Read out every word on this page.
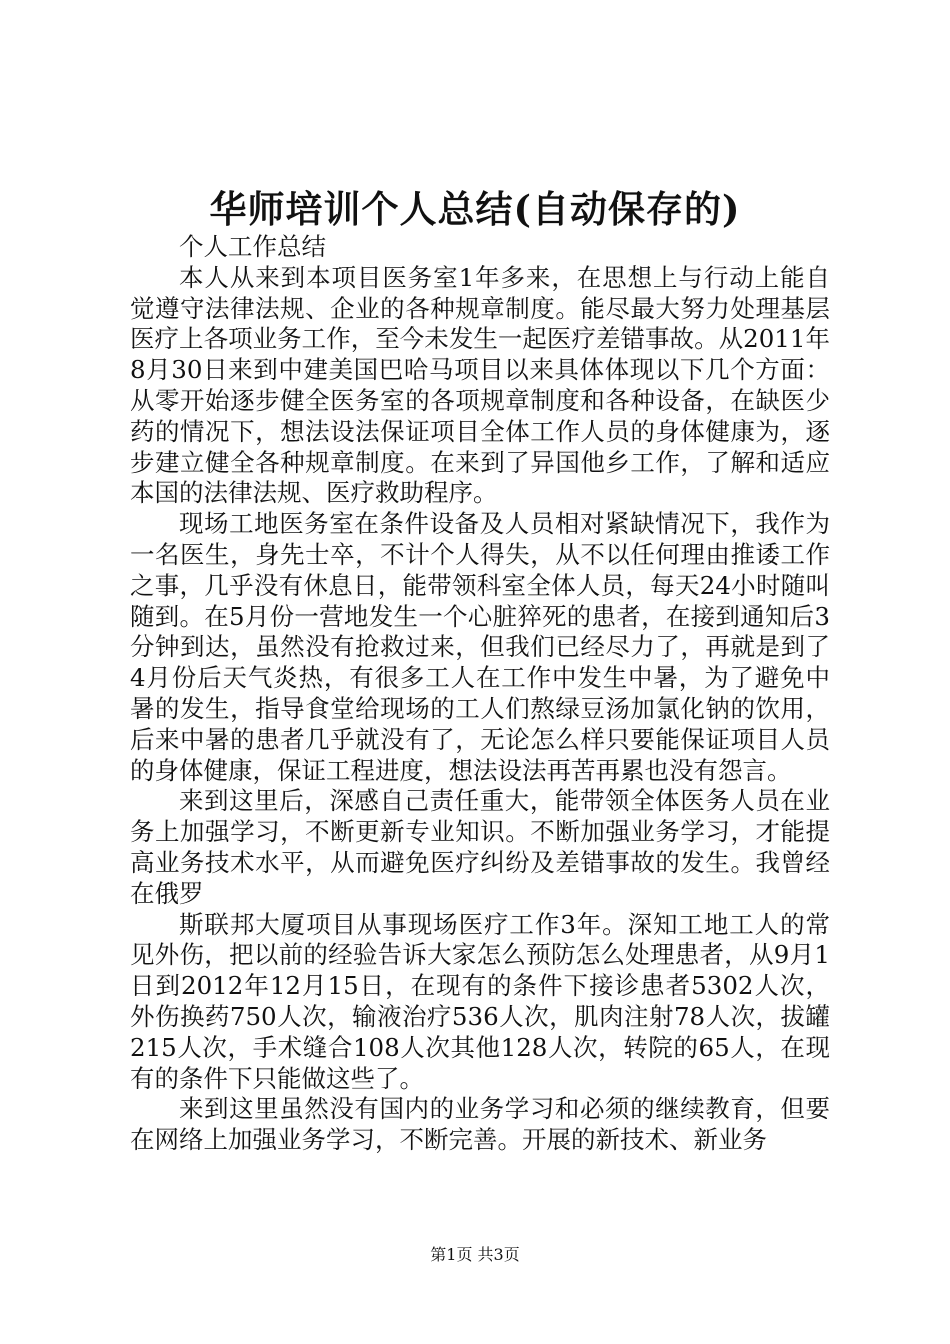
华师培训个人总结(自动保存的)

个人工作总结

本人从来到本项目医务室1年多来，在思想上与行动上能自觉遵守法律法规、企业的各种规章制度。能尽最大努力处理基层医疗上各项业务工作，至今未发生一起医疗差错事故。从2011年8月30日来到中建美国巴哈马项目以来具体体现以下几个方面：从零开始逐步健全医务室的各项规章制度和各种设备，在缺医少药的情况下，想法设法保证项目全体工作人员的身体健康为，逐步建立健全各种规章制度。在来到了异国他乡工作，了解和适应本国的法律法规、医疗救助程序。

现场工地医务室在条件设备及人员相对紧缺情况下，我作为一名医生，身先士卒，不计个人得失，从不以任何理由推诿工作之事，几乎没有休息日，能带领科室全体人员，每天24小时随叫随到。在5月份一营地发生一个心脏猝死的患者，在接到通知后3分钟到达，虽然没有抢救过来，但我们已经尽力了，再就是到了4月份后天气炎热，有很多工人在工作中发生中暑，为了避免中暑的发生，指导食堂给现场的工人们熬绿豆汤加氯化钠的饮用，后来中暑的患者几乎就没有了，无论怎么样只要能保证项目人员的身体健康，保证工程进度，想法设法再苦再累也没有怨言。

来到这里后，深感自己责任重大，能带领全体医务人员在业务上加强学习，不断更新专业知识。不断加强业务学习，才能提高业务技术水平，从而避免医疗纠纷及差错事故的发生。我曾经在俄罗

斯联邦大厦项目从事现场医疗工作3年。深知工地工人的常见外伤，把以前的经验告诉大家怎么预防怎么处理患者，从9月1日到2012年12月15日，在现有的条件下接诊患者5302人次，外伤换药750人次，输液治疗536人次，肌肉注射78人次，拔罐215人次，手术缝合108人次其他128人次，转院的65人，在现有的条件下只能做这些了。

来到这里虽然没有国内的业务学习和必须的继续教育，但要在网络上加强业务学习，不断完善。开展的新技术、新业务

第1页 共3页
